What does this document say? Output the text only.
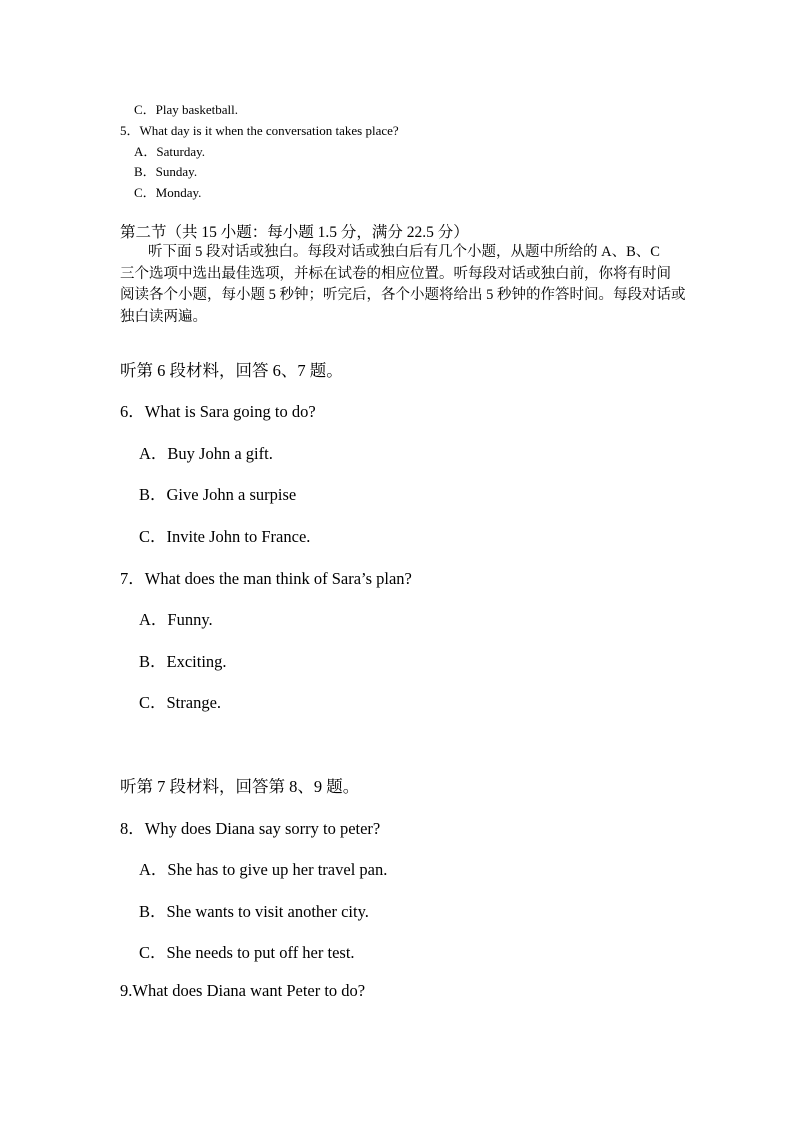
C．Play basketball.
5．What day is it when the conversation takes place?
A．Saturday.
B．Sunday.
C．Monday.
第二节（共 15 小题：每小题 1.5 分，满分 22.5 分）
听下面 5 段对话或独白。每段对话或独白后有几个小题，从题中所给的 A、B、C
三个选项中选出最佳选项，并标在试卷的相应位置。听每段对话或独白前，你将有时间
阅读各个小题，每小题 5 秒钟；听完后，各个小题将给出 5 秒钟的作答时间。每段对话或
独白读两遍。
听第 6 段材料，回答 6、7 题。
6．What is Sara going to do?
A．Buy John a gift.
B．Give John a surpise
C．Invite John to France.
7．What does the man think of Sara’s plan?
A．Funny.
B．Exciting.
C．Strange.
听第 7 段材料，回答第 8、9 题。
8．Why does Diana say sorry to peter?
A．She has to give up her travel pan.
B．She wants to visit another city.
C．She needs to put off her test.
9.What does Diana want Peter to do?
